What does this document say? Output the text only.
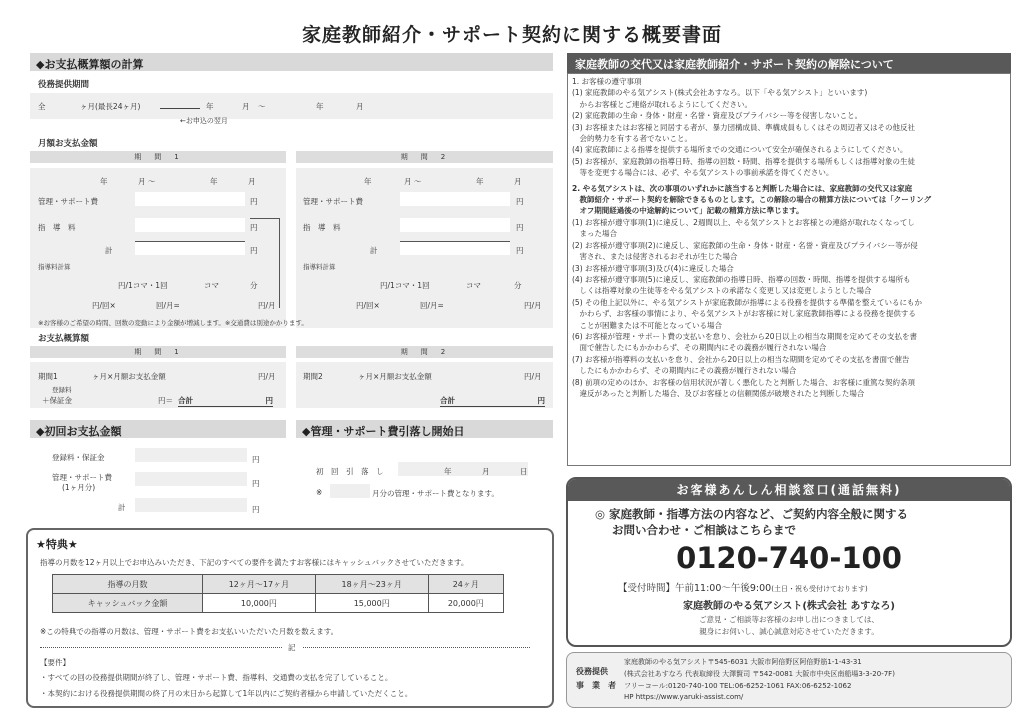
家庭教師紹介・サポート契約に関する概要書面
◆お支払概算額の計算
役務提供期間
全	ヶ月(最長24ヶ月)	年	月 ～	年	月
←お申込の翌月
月額お支払金額
期　間　1	期　間　2
年	月 ～	年	月
管理・サポート費	円
指　導　料	円
計	円
指導料計算
円/1コマ・1回	コマ	分
円/回×	回/月=	円/月
年	月 ～	年	月
管理・サポート費	円
指　導　料	円
計	円
指導料計算
円/1コマ・1回	コマ	分
円/回×	回/月=	円/月
※お客様のご希望の時間、回数の変動により金額が増減します。※交通費は別途かかります。
お支払概算額
期　間　1	期　間　2
期間1	ヶ月×月額お支払金額	円/月
登録料
＋保証金	円＝ 合計	円
期間2	ヶ月×月額お支払金額	円/月
合計	円
◆初回お支払金額	◆管理・サポート費引落し開始日
登録料・保証金	円
管理・サポート費
(1ヶ月分)	円
計	円
初　回　引　落　し	年	月	日
※	月分の管理・サポート費となります。
★特典★
指導の月数を12ヶ月以上でお申込みいただき、下記のすべての要件を満たすお客様にはキャッシュバックさせていただきます。
指導の月数	12ヶ月～17ヶ月	18ヶ月～23ヶ月	24ヶ月
キャッシュバック金額	10,000円	15,000円	20,000円
※この特典での指導の月数は、管理・サポート費をお支払いいただいた月数を数えます。
記
【要件】
・すべての回の役務提供期間が終了し、管理・サポート費、指導料、交通費の支払を完了していること。
・本契約における役務提供期間の終了月の末日から起算して1年以内にご契約者様から申請していただくこと。
家庭教師の交代又は家庭教師紹介・サポート契約の解除について
1. お客様の遵守事項
(1) 家庭教師のやる気アシスト(株式会社あすなろ。以下「やる気アシスト」といいます)
　からお客様とご連絡が取れるようにしてください。
(2) 家庭教師の生命・身体・財産・名誉・資産及びプライバシー等を侵害しないこと。
(3) お客様またはお客様と同居する者が、暴力団構成員、準構成員もしくはその周辺者又はその他反社
　会的勢力を有する者でないこと。
(4) 家庭教師による指導を提供する場所までの交通について安全が確保されるようにしてください。
(5) お客様が、家庭教師の指導日時、指導の回数・時間、指導を提供する場所もしくは指導対象の生徒
　等を変更する場合には、必ず、やる気アシストの事前承諾を得てください。
2. やる気アシストは、次の事項のいずれかに該当すると判断した場合には、家庭教師の交代又は家庭
　教師紹介・サポート契約を解除できるものとします。この解除の場合の精算方法については「クーリング
　オフ期間経過後の中途解約について」記載の精算方法に準じます。
(1) お客様が遵守事項(1)に違反し、2週間以上、やる気アシストとお客様との連絡が取れなくなってし
　まった場合
(2) お客様が遵守事項(2)に違反し、家庭教師の生命・身体・財産・名誉・資産及びプライバシー等が侵
　害され、または侵害されるおそれが生じた場合
(3) お客様が遵守事項(3)及び(4)に違反した場合
(4) お客様が遵守事項(5)に違反し、家庭教師の指導日時、指導の回数・時間、指導を提供する場所も
　しくは指導対象の生徒等をやる気アシストの承諾なく変更し又は変更しようとした場合
(5) その他上記以外に、やる気アシストが家庭教師が指導による役務を提供する準備を整えているにもか
　かわらず、お客様の事情により、やる気アシストがお客様に対し家庭教師指導による役務を提供する
　ことが困難または不可能となっている場合
(6) お客様が管理・サポート費の支払いを怠り、会社から20日以上の相当な期間を定めてその支払を書
　面で催告したにもかかわらず、その期間内にその義務が履行されない場合
(7) お客様が指導料の支払いを怠り、会社から20日以上の相当な期間を定めてその支払を書面で催告
　したにもかかわらず、その期間内にその義務が履行されない場合
(8) 前項の定めのほか、お客様の信用状況が著しく悪化したと判断した場合、お客様に重篤な契約条項
　違反があったと判断した場合、及びお客様との信頼関係が破壊されたと判断した場合
お客様あんしん相談窓口(通話無料)
◎ 家庭教師・指導方法の内容など、ご契約内容全般に関する
お問い合わせ・ご相談はこちらまで
0120-740-100
【受付時間】午前11:00～午後9:00(土日・祝も受付けております)
家庭教師のやる気アシスト(株式会社 あすなろ)
ご意見・ご相談等お客様のお申し出につきましては、
親身にお伺いし、誠心誠意対応させていただきます。
役務提供
事　業　者
家庭教師のやる気アシスト〒545-6031 大阪市阿倍野区阿倍野筋1-1-43-31
(株式会社あすなろ 代表取締役 大澤賢司 〒542-0081 大阪市中央区南船場3-3-20-7F)
フリーコール:0120-740-100 TEL:06-6252-1061 FAX:06-6252-1062
HP https://www.yaruki-assist.com/
